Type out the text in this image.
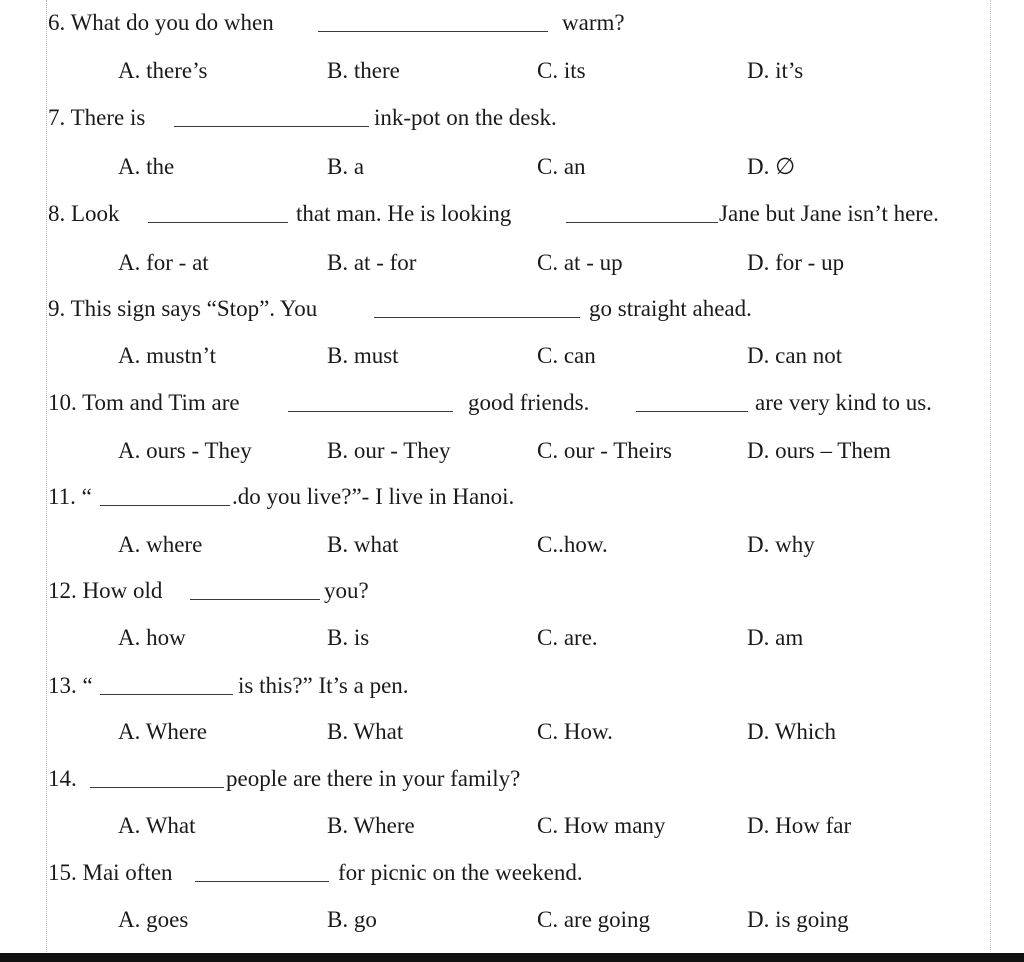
6. What do you do when	warm?
A. there’s	B. there	C. its	D. it’s
7. There is	ink-pot on the desk.
A. the	B. a	C. an	D. ∅
8. Look	that man. He is looking	Jane but Jane isn’t here.
A. for - at	B. at - for	C. at - up	D. for - up
9. This sign says “Stop”. You	go straight ahead.
A. mustn’t	B. must	C. can	D. can not
10. Tom and Tim are	good friends.	are very kind to us.
A. ours - They	B. our - They	C. our - Theirs	D. ours – Them
11. “	.do you live?”- I live in Hanoi.
A. where	B. what	C..how.	D. why
12. How old	you?
A. how	B. is	C. are.	D. am
13. “	is this?” It’s a pen.
A. Where	B. What	C. How.	D. Which
14.	people are there in your family?
A. What	B. Where	C. How many	D. How far
15. Mai often	for picnic on the weekend.
A. goes	B. go	C. are going	D. is going
